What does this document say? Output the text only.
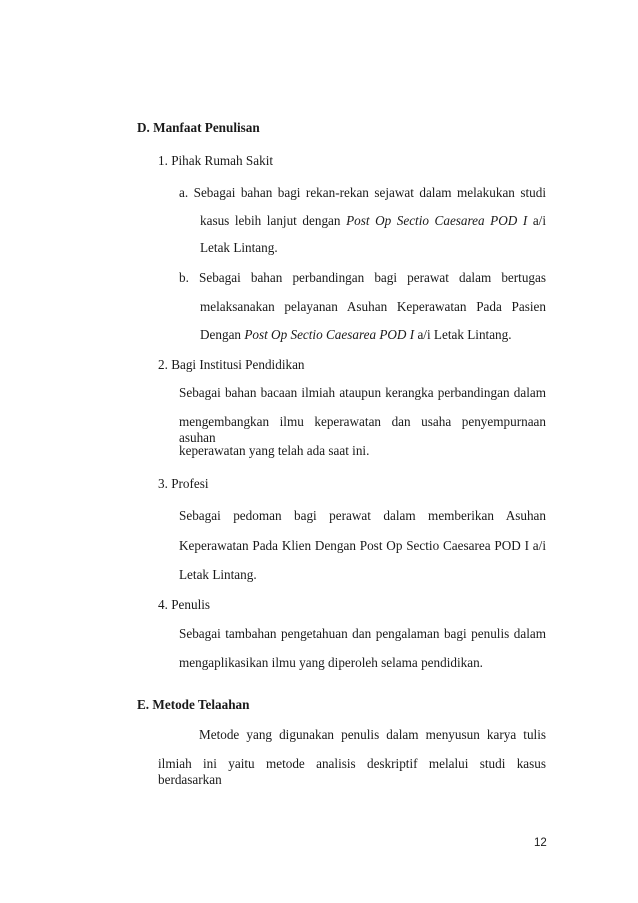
D. Manfaat Penulisan
1. Pihak Rumah Sakit
a. Sebagai bahan bagi rekan-rekan sejawat dalam melakukan studi
kasus lebih lanjut dengan Post Op Sectio Caesarea POD I a/i
Letak Lintang.
b. Sebagai bahan perbandingan bagi perawat dalam bertugas
melaksanakan pelayanan Asuhan Keperawatan Pada Pasien
Dengan Post Op Sectio Caesarea POD I a/i Letak Lintang.
2. Bagi Institusi Pendidikan
Sebagai bahan bacaan ilmiah ataupun kerangka perbandingan dalam
mengembangkan ilmu keperawatan dan usaha penyempurnaan asuhan
keperawatan yang telah ada saat ini.
3. Profesi
Sebagai pedoman bagi perawat dalam memberikan Asuhan
Keperawatan Pada Klien Dengan Post Op Sectio Caesarea POD I a/i
Letak Lintang.
4. Penulis
Sebagai tambahan pengetahuan dan pengalaman bagi penulis dalam
mengaplikasikan ilmu yang diperoleh selama pendidikan.
E. Metode Telaahan
Metode yang digunakan penulis dalam menyusun karya tulis
ilmiah ini yaitu metode analisis deskriptif melalui studi kasus berdasarkan
12
